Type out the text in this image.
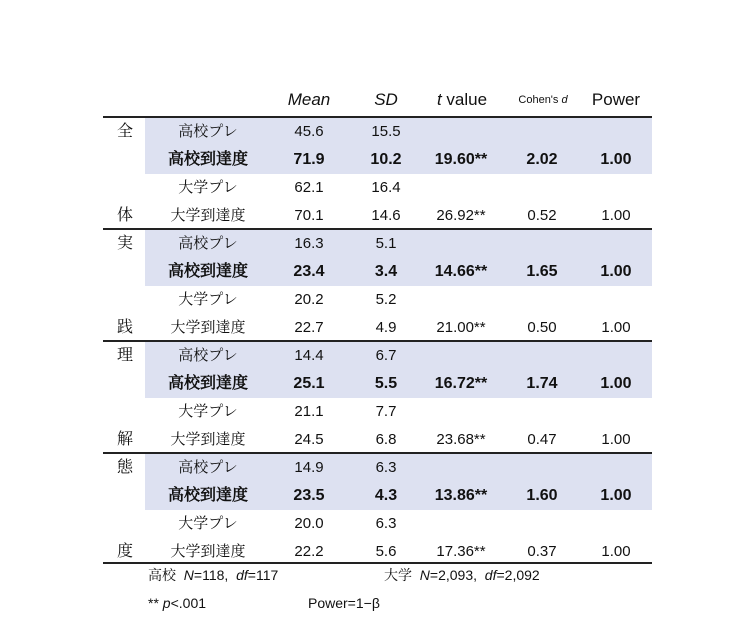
Mean	SD	t value	Cohen's d	Power
全
体
高校プレ	45.6	15.5
高校到達度	71.9	10.2	19.60**	2.02	1.00
大学プレ	62.1	16.4
大学到達度	70.1	14.6	26.92**	0.52	1.00
実
践
高校プレ	16.3	5.1
高校到達度	23.4	3.4	14.66**	1.65	1.00
大学プレ	20.2	5.2
大学到達度	22.7	4.9	21.00**	0.50	1.00
理
解
高校プレ	14.4	6.7
高校到達度	25.1	5.5	16.72**	1.74	1.00
大学プレ	21.1	7.7
大学到達度	24.5	6.8	23.68**	0.47	1.00
態
度
高校プレ	14.9	6.3
高校到達度	23.5	4.3	13.86**	1.60	1.00
大学プレ	20.0	6.3
大学到達度	22.2	5.6	17.36**	0.37	1.00
高校 N=118, df=117	大学 N=2,093, df=2,092
** p<.001	Power=1−β
